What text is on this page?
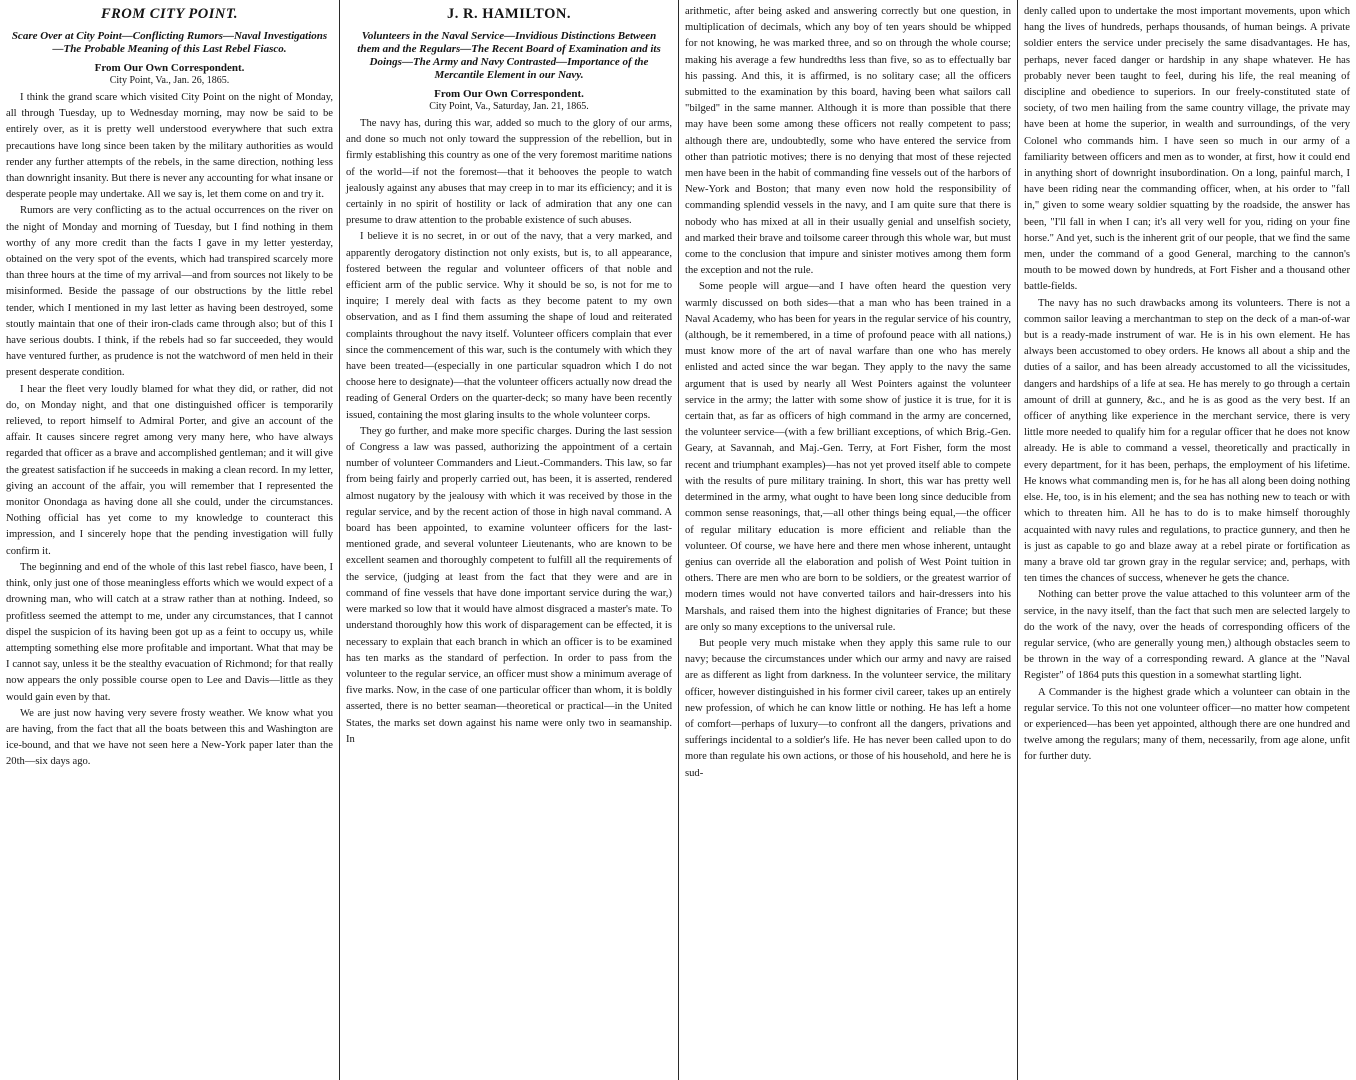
FROM CITY POINT.
Scare Over at City Point—Conflicting Rumors—Naval Investigations—The Probable Meaning of this Last Rebel Fiasco.
From Our Own Correspondent.
City Point, Va., Jan. 26, 1865.

I think the grand scare which visited City Point on the night of Monday, all through Tuesday, up to Wednesday morning, may now be said to be entirely over, as it is pretty well understood everywhere that such extra precautions have long since been taken by the military authorities as would render any further attempts of the rebels, in the same direction, nothing less than downright insanity. But there is never any accounting for what insane or desperate people may undertake. All we say is, let them come on and try it.

Rumors are very conflicting as to the actual occurrences on the river on the night of Monday and morning of Tuesday, but I find nothing in them worthy of any more credit than the facts I gave in my letter yesterday, obtained on the very spot of the events, which had transpired scarcely more than three hours at the time of my arrival—and from sources not likely to be misinformed. Beside the passage of our obstructions by the little rebel tender, which I mentioned in my last letter as having been destroyed, some stoutly maintain that one of their iron-clads came through also; but of this I have serious doubts. I think, if the rebels had so far succeeded, they would have ventured further, as prudence is not the watchword of men held in their present desperate condition.

I hear the fleet very loudly blamed for what they did, or rather, did not do, on Monday night, and that one distinguished officer is temporarily relieved, to report himself to Admiral Porter, and give an account of the affair. It causes sincere regret among very many here, who have always regarded that officer as a brave and accomplished gentleman; and it will give the greatest satisfaction if he succeeds in making a clean record. In my letter, giving an account of the affair, you will remember that I represented the monitor Onondaga as having done all she could, under the circumstances. Nothing official has yet come to my knowledge to counteract this impression, and I sincerely hope that the pending investigation will fully confirm it.

The beginning and end of the whole of this last rebel fiasco, have been, I think, only just one of those meaningless efforts which we would expect of a drowning man, who will catch at a straw rather than at nothing. Indeed, so profitless seemed the attempt to me, under any circumstances, that I cannot dispel the suspicion of its having been got up as a feint to occupy us, while attempting something else more profitable and important. What that may be I cannot say, unless it be the stealthy evacuation of Richmond; for that really now appears the only possible course open to Lee and Davis—little as they would gain even by that.

We are just now having very severe frosty weather. We know what you are having, from the fact that all the boats between this and Washington are ice-bound, and that we have not seen here a New-York paper later than the 20th—six days ago.

J. R. HAMILTON.
Volunteers in the Naval Service—Invidious Distinctions Between them and the Regulars—The Recent Board of Examination and its Doings—The Army and Navy Contrasted—Importance of the Mercantile Element in our Navy.
From Our Own Correspondent.
City Point, Va., Saturday, Jan. 21, 1865.

The navy has, during this war, added so much to the glory of our arms, and done so much not only toward the suppression of the rebellion, but in firmly establishing this country as one of the very foremost maritime nations of the world—if not the foremost—that it behooves the people to watch jealously against any abuses that may creep in to mar its efficiency; and it is certainly in no spirit of hostility or lack of admiration that any one can presume to draw attention to the probable existence of such abuses.

I believe it is no secret, in or out of the navy, that a very marked, and apparently derogatory distinction not only exists, but is, to all appearance, fostered between the regular and volunteer officers of that noble and efficient arm of the public service. Why it should be so, is not for me to inquire; I merely deal with facts as they become patent to my own observation, and as I find them assuming the shape of loud and reiterated complaints throughout the navy itself. Volunteer officers complain that ever since the commencement of this war, such is the contumely with which they have been treated—(especially in one particular squadron which I do not choose here to designate)—that the volunteer officers actually now dread the reading of General Orders on the quarter-deck; so many have been recently issued, containing the most glaring insults to the whole volunteer corps.

They go further, and make more specific charges. During the last session of Congress a law was passed, authorizing the appointment of a certain number of volunteer Commanders and Lieut.-Commanders. This law, so far from being fairly and properly carried out, has been, it is asserted, rendered almost nugatory by the jealousy with which it was received by those in the regular service, and by the recent action of those in high naval command. A board has been appointed, to examine volunteer officers for the last-mentioned grade, and several volunteer Lieutenants, who are known to be excellent seamen and thoroughly competent to fulfill all the requirements of the service, (judging at least from the fact that they were and are in command of fine vessels that have done important service during the war,) were marked so low that it would have almost disgraced a master's mate. To understand thoroughly how this work of disparagement can be effected, it is necessary to explain that each branch in which an officer is to be examined has ten marks as the standard of perfection. In order to pass from the volunteer to the regular service, an officer must show a minimum average of five marks. Now, in the case of one particular officer than whom, it is boldly asserted, there is no better seaman—theoretical or practical—in the United States, the marks set down against his name were only two in seamanship. In

arithmetic, after being asked and answering correctly but one question, in multiplication of decimals, which any boy of ten years should be whipped for not knowing, he was marked three, and so on through the whole course; making his average a few hundredths less than five, so as to effectually bar his passing. And this, it is affirmed, is no solitary case; all the officers submitted to the examination by this board, having been what sailors call "bilged" in the same manner. Although it is more than possible that there may have been some among these officers not really competent to pass; although there are, undoubtedly, some who have entered the service from other than patriotic motives; there is no denying that most of these rejected men have been in the habit of commanding fine vessels out of the harbors of New-York and Boston; that many even now hold the responsibility of commanding splendid vessels in the navy, and I am quite sure that there is nobody who has mixed at all in their usually genial and unselfish society, and marked their brave and toilsome career through this whole war, but must come to the conclusion that impure and sinister motives among them form the exception and not the rule.

Some people will argue—and I have often heard the question very warmly discussed on both sides—that a man who has been trained in a Naval Academy, who has been for years in the regular service of his country, (although, be it remembered, in a time of profound peace with all nations,) must know more of the art of naval warfare than one who has merely enlisted and acted since the war began. They apply to the navy the same argument that is used by nearly all West Pointers against the volunteer service in the army; the latter with some show of justice it is true, for it is certain that, as far as officers of high command in the army are concerned, the volunteer service—(with a few brilliant exceptions, of which Brig.-Gen. Geary, at Savannah, and Maj.-Gen. Terry, at Fort Fisher, form the most recent and triumphant examples)—has not yet proved itself able to compete with the results of pure military training. In short, this war has pretty well determined in the army, what ought to have been long since deducible from common sense reasonings, that,—all other things being equal,—the officer of regular military education is more efficient and reliable than the volunteer. Of course, we have here and there men whose inherent, untaught genius can override all the elaboration and polish of West Point tuition in others. There are men who are born to be soldiers, or the greatest warrior of modern times would not have converted tailors and hair-dressers into his Marshals, and raised them into the highest dignitaries of France; but these are only so many exceptions to the universal rule.

But people very much mistake when they apply this same rule to our navy; because the circumstances under which our army and navy are raised are as different as light from darkness. In the volunteer service, the military officer, however distinguished in his former civil career, takes up an entirely new profession, of which he can know little or nothing. He has left a home of comfort—perhaps of luxury—to confront all the dangers, privations and sufferings incidental to a soldier's life. He has never been called upon to do more than regulate his own actions, or those of his household, and here he is sud-

denly called upon to undertake the most important movements, upon which hang the lives of hundreds, perhaps thousands, of human beings. A private soldier enters the service under precisely the same disadvantages. He has, perhaps, never faced danger or hardship in any shape whatever. He has probably never been taught to feel, during his life, the real meaning of discipline and obedience to superiors. In our freely-constituted state of society, of two men hailing from the same country village, the private may have been at home the superior, in wealth and surroundings, of the very Colonel who commands him. I have seen so much in our army of a familiarity between officers and men as to wonder, at first, how it could end in anything short of downright insubordination. On a long, painful march, I have been riding near the commanding officer, when, at his order to "fall in," given to some weary soldier squatting by the roadside, the answer has been, "I'll fall in when I can; it's all very well for you, riding on your fine horse." And yet, such is the inherent grit of our people, that we find the same men, under the command of a good General, marching to the cannon's mouth to be mowed down by hundreds, at Fort Fisher and a thousand other battle-fields.

The navy has no such drawbacks among its volunteers. There is not a common sailor leaving a merchantman to step on the deck of a man-of-war but is a ready-made instrument of war. He is in his own element. He has always been accustomed to obey orders. He knows all about a ship and the duties of a sailor, and has been already accustomed to all the vicissitudes, dangers and hardships of a life at sea. He has merely to go through a certain amount of drill at gunnery, &c., and he is as good as the very best. If an officer of anything like experience in the merchant service, there is very little more needed to qualify him for a regular officer that he does not know already. He is able to command a vessel, theoretically and practically in every department, for it has been, perhaps, the employment of his lifetime. He knows what commanding men is, for he has all along been doing nothing else. He, too, is in his element; and the sea has nothing new to teach or with which to threaten him. All he has to do is to make himself thoroughly acquainted with navy rules and regulations, to practice gunnery, and then he is just as capable to go and blaze away at a rebel pirate or fortification as many a brave old tar grown gray in the regular service; and, perhaps, with ten times the chances of success, whenever he gets the chance.

Nothing can better prove the value attached to this volunteer arm of the service, in the navy itself, than the fact that such men are selected largely to do the work of the navy, over the heads of corresponding officers of the regular service, (who are generally young men,) although obstacles seem to be thrown in the way of a corresponding reward. A glance at the "Naval Register" of 1864 puts this question in a somewhat startling light.

A Commander is the highest grade which a volunteer can obtain in the regular service. To this not one volunteer officer—no matter how competent or experienced—has been yet appointed, although there are one hundred and twelve among the regulars; many of them, necessarily, from age alone, unfit for further duty.
